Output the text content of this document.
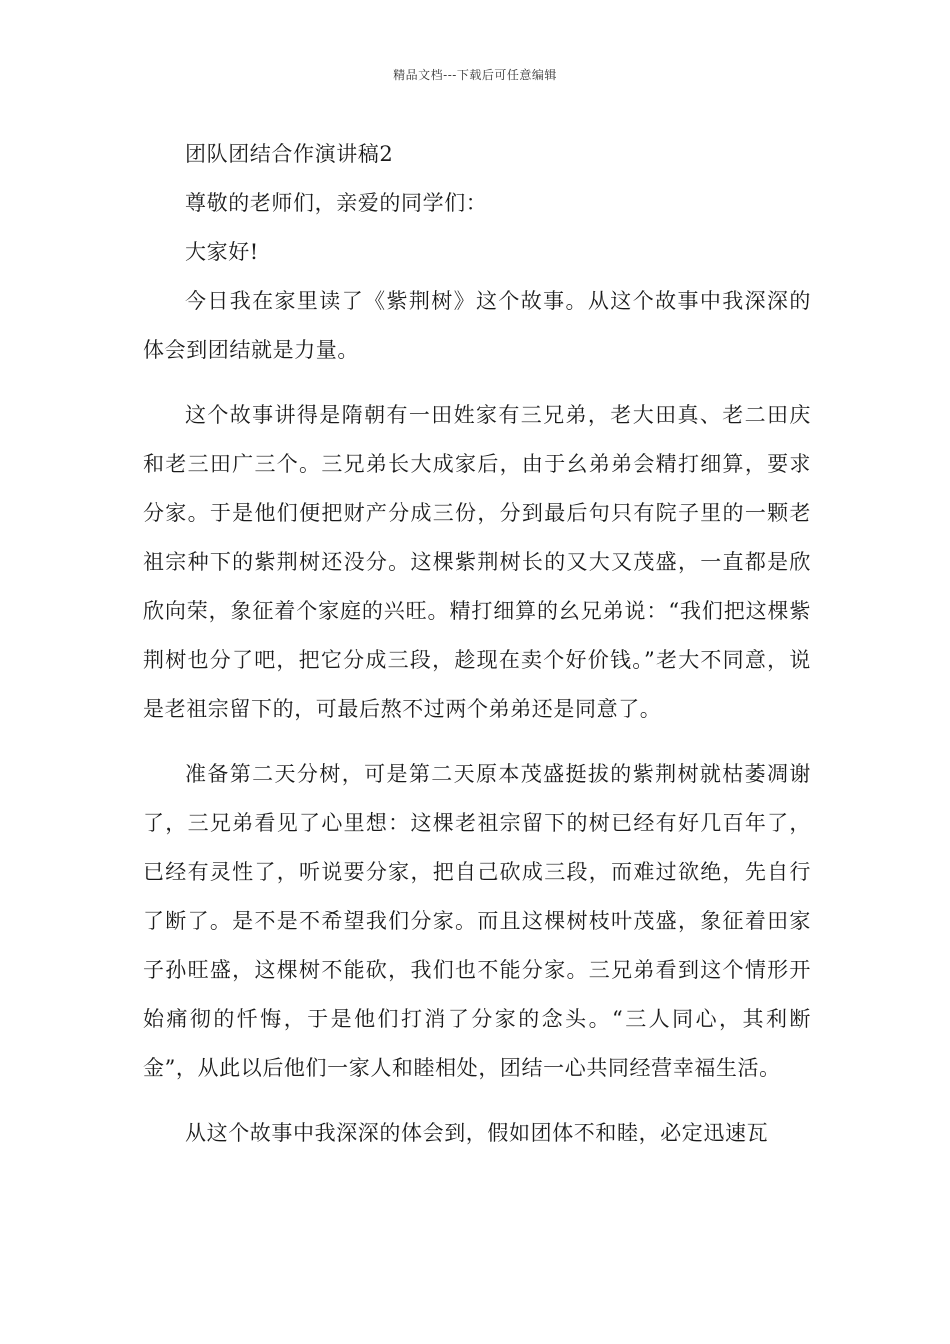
精品文档---下载后可任意编辑

团队团结合作演讲稿2

尊敬的老师们，亲爱的同学们：

大家好!

今日我在家里读了《紫荆树》这个故事。从这个故事中我深深的体会到团结就是力量。

这个故事讲得是隋朝有一田姓家有三兄弟，老大田真、老二田庆和老三田广三个。三兄弟长大成家后，由于幺弟弟会精打细算，要求分家。于是他们便把财产分成三份，分到最后句只有院子里的一颗老祖宗种下的紫荆树还没分。这棵紫荆树长的又大又茂盛，一直都是欣欣向荣，象征着个家庭的兴旺。精打细算的幺兄弟说：“我们把这棵紫荆树也分了吧，把它分成三段，趁现在卖个好价钱。”老大不同意，说是老祖宗留下的，可最后熬不过两个弟弟还是同意了。

准备第二天分树，可是第二天原本茂盛挺拔的紫荆树就枯萎凋谢了，三兄弟看见了心里想：这棵老祖宗留下的树已经有好几百年了，已经有灵性了，听说要分家，把自己砍成三段，而难过欲绝，先自行了断了。是不是不希望我们分家。而且这棵树枝叶茂盛，象征着田家子孙旺盛，这棵树不能砍，我们也不能分家。三兄弟看到这个情形开始痛彻的忏悔，于是他们打消了分家的念头。“三人同心，其利断金”，从此以后他们一家人和睦相处，团结一心共同经营幸福生活。

从这个故事中我深深的体会到，假如团体不和睦，必定迅速瓦
